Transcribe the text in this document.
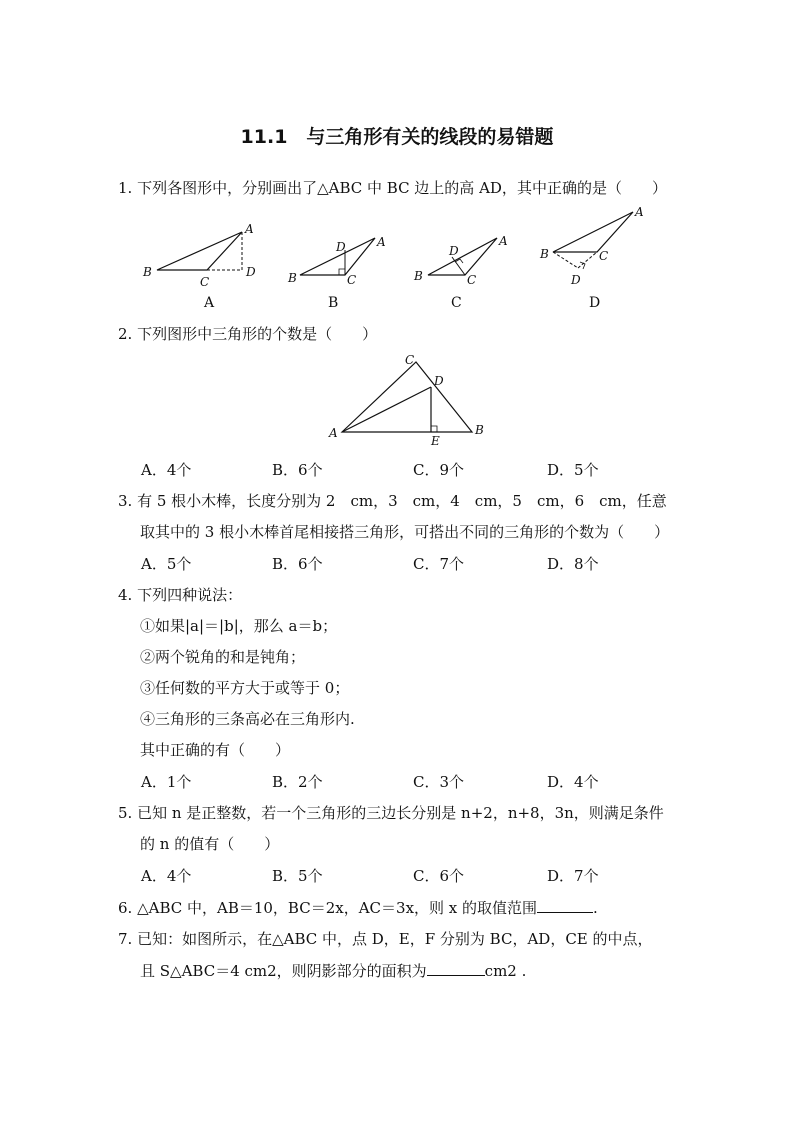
11.1　与三角形有关的线段的易错题
1. 下列各图形中，分别画出了△ABC 中 BC 边上的高 AD，其中正确的是（　　）
A
B
C
D
A
B	C
D	A
B	C
D
A
B	C
D
A	B	C	D
2. 下列图形中三角形的个数是（　　）
A	B
C
D
E
A．4个	B．6个	C．9个	D．5个
3. 有 5 根小木棒，长度分别为 2　cm，3　cm，4　cm，5　cm，6　cm，任意
取其中的 3 根小木棒首尾相接搭三角形，可搭出不同的三角形的个数为（　　）
A．5个	B．6个	C．7个	D．8个
4. 下列四种说法：
①如果|a|＝|b|，那么 a＝b；
②两个锐角的和是钝角；
③任何数的平方大于或等于 0；
④三角形的三条高必在三角形内.
其中正确的有（　　）
A．1个	B．2个	C．3个	D．4个
5. 已知 n 是正整数，若一个三角形的三边长分别是 n+2，n+8，3n，则满足条件
的 n 的值有（　　）
A．4个	B．5个	C．6个	D．7个
6. △ABC 中，AB＝10，BC＝2x，AC＝3x，则 x 的取值范围	.
7. 已知：如图所示，在△ABC 中，点 D，E，F 分别为 BC，AD，CE 的中点，
且 S△ABC＝4 cm2，则阴影部分的面积为	cm2 .
